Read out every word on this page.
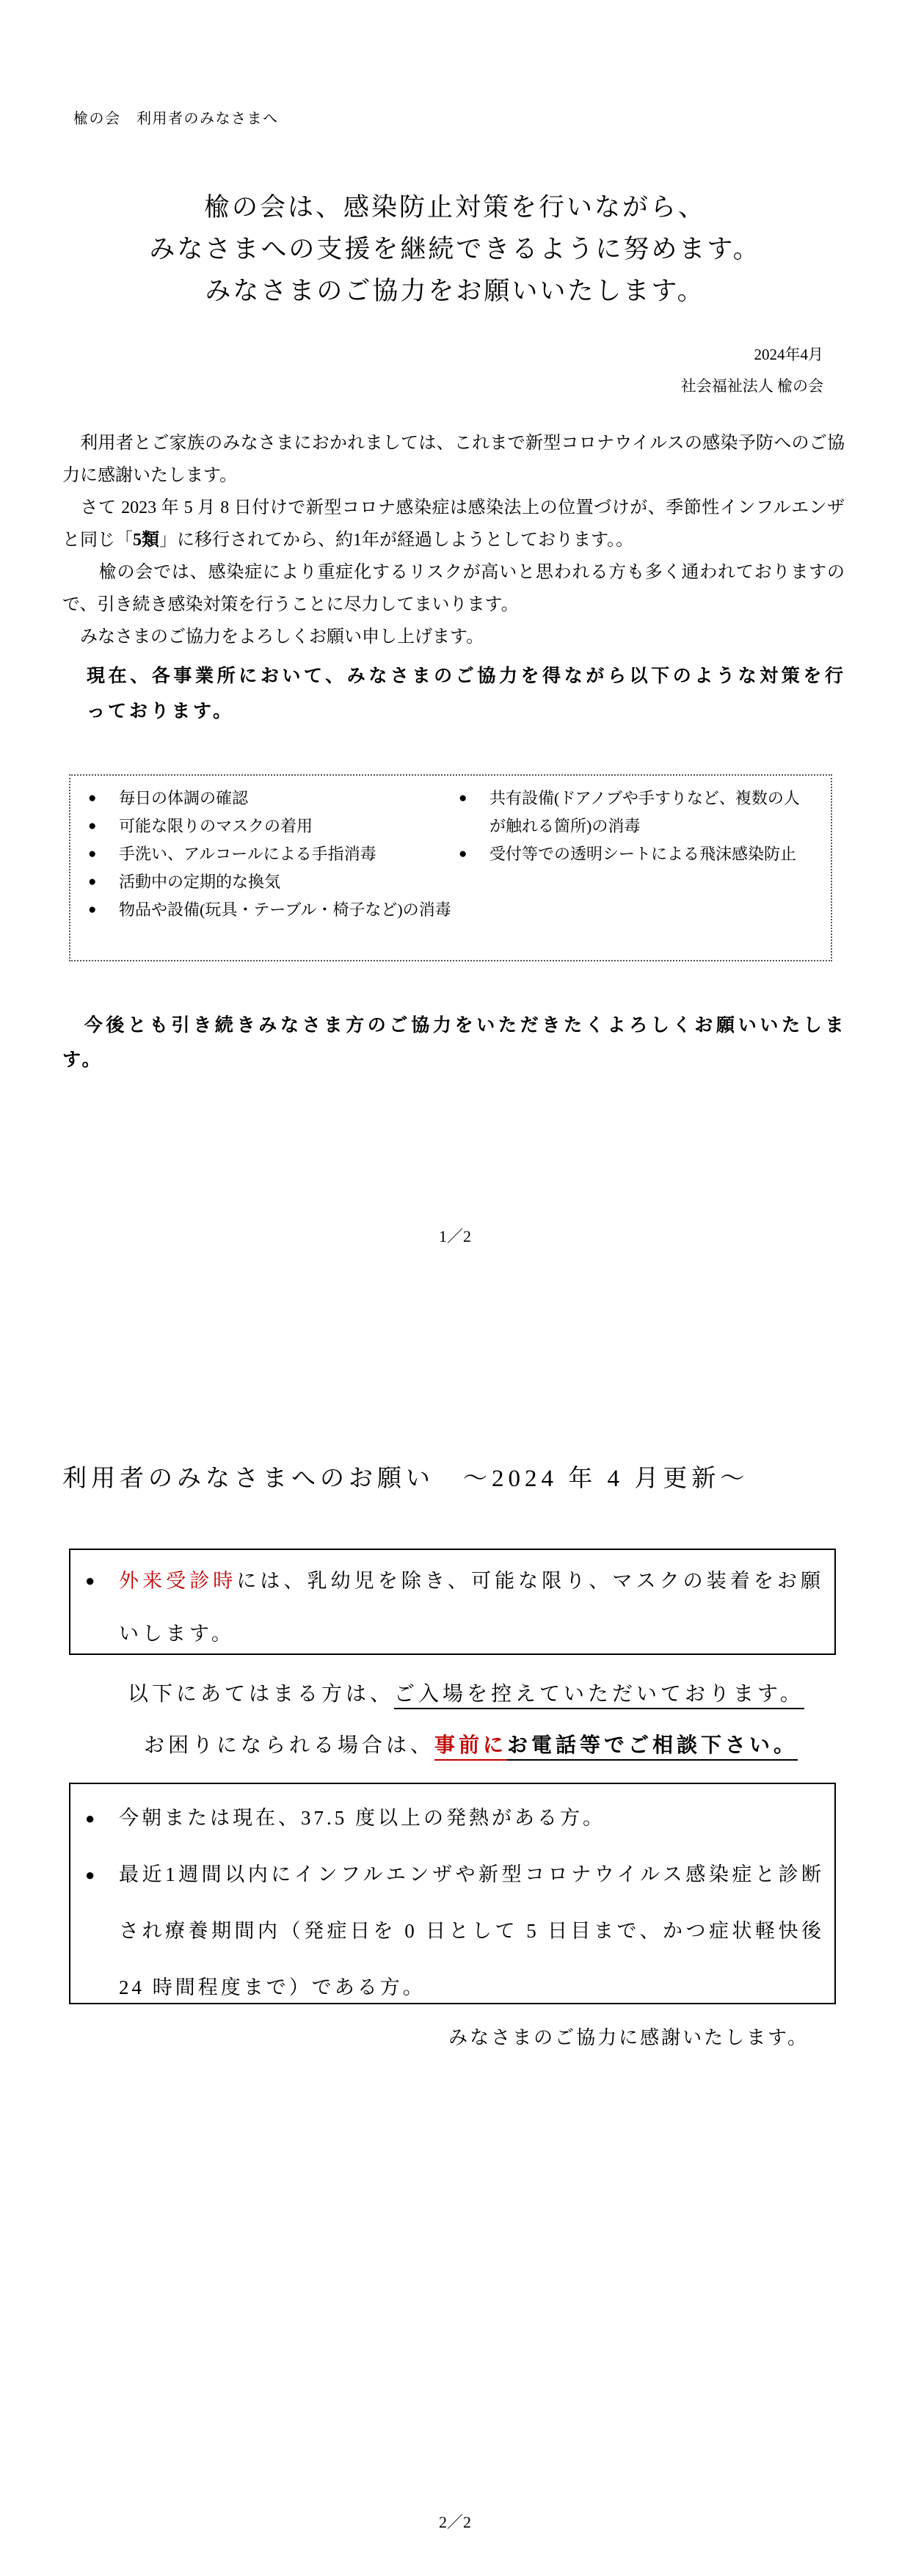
楡の会　利用者のみなさまへ
楡の会は、感染防止対策を行いながら、
みなさまへの支援を継続できるように努めます。
みなさまのご協力をお願いいたします。
2024年4月
社会福祉法人 楡の会

　利用者とご家族のみなさまにおかれましては、これまで新型コロナウイルスの感染予防へのご協力に感謝いたします。

　さて 2023 年 5 月 8 日付けで新型コロナ感染症は感染法上の位置づけが、季節性インフルエンザと同じ「5類」に移行されてから、約1年が経過しようとしております。。

　　楡の会では、感染症により重症化するリスクが高いと思われる方も多く通われておりますので、引き続き感染対策を行うことに尽力してまいります。

　みなさまのご協力をよろしくお願い申し上げます。

現在、各事業所において、みなさまのご協力を得ながら以下のような対策を行っております。
●	毎日の体調の確認
●	可能な限りのマスクの着用
●	手洗い、アルコールによる手指消毒
●	活動中の定期的な換気
●	物品や設備(玩具・テーブル・椅子など)の消毒
●	共有設備(ドアノブや手すりなど、複数の人が触れる箇所)の消毒
●	受付等での透明シートによる飛沫感染防止
　今後とも引き続きみなさま方のご協力をいただきたくよろしくお願いいたします。
1／2
利用者のみなさまへのお願い　～2024 年 4 月更新～
●	外来受診時には、乳幼児を除き、可能な限り、マスクの装着をお願いします。
以下にあてはまる方は、ご入場を控えていただいております。
お困りになられる場合は、事前にお電話等でご相談下さい。
●	今朝または現在、37.5 度以上の発熱がある方。
●	最近1週間以内にインフルエンザや新型コロナウイルス感染症と診断され療養期間内（発症日を 0 日として 5 日目まで、かつ症状軽快後 24 時間程度まで）である方。
みなさまのご協力に感謝いたします。
2／2
